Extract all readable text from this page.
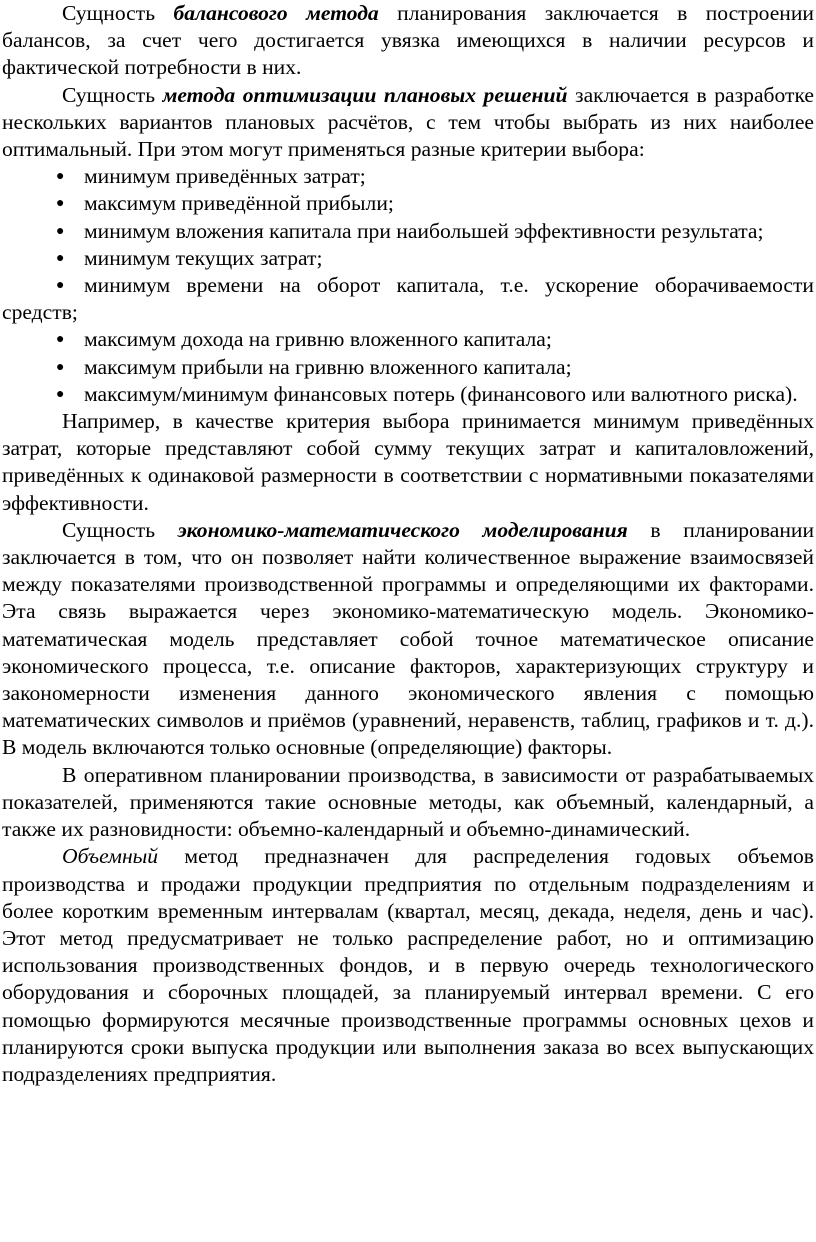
Сущность балансового метода планирования заключается в построении балансов, за счет чего достигается увязка имеющихся в наличии ресурсов и фактической потребности в них.

Сущность метода оптимизации плановых решений заключается в разработке нескольких вариантов плановых расчётов, с тем чтобы выбрать из них наиболее оптимальный. При этом могут применяться разные критерии выбора:

● минимум приведённых затрат;
● максимум приведённой прибыли;
● минимум вложения капитала при наибольшей эффективности результата;
● минимум текущих затрат;
● минимум времени на оборот капитала, т.е. ускорение оборачиваемости средств;
● максимум дохода на гривню вложенного капитала;
● максимум прибыли на гривню вложенного капитала;
● максимум/минимум финансовых потерь (финансового или валютного риска).

Например, в качестве критерия выбора принимается минимум приведённых затрат, которые представляют собой сумму текущих затрат и капиталовложений, приведённых к одинаковой размерности в соответствии с нормативными показателями эффективности.

Сущность экономико-математического моделирования в планировании заключается в том, что он позволяет найти количественное выражение взаимосвязей между показателями производственной программы и определяющими их факторами. Эта связь выражается через экономико-математическую модель. Экономико-математическая модель представляет собой точное математическое описание экономического процесса, т.е. описание факторов, характеризующих структуру и закономерности изменения данного экономического явления с помощью математических символов и приёмов (уравнений, неравенств, таблиц, графиков и т. д.). В модель включаются только основные (определяющие) факторы.

В оперативном планировании производства, в зависимости от разрабатываемых показателей, применяются такие основные методы, как объемный, календарный, а также их разновидности: объемно-календарный и объемно-динамический.

Объемный метод предназначен для распределения годовых объемов производства и продажи продукции предприятия по отдельным подразделениям и более коротким временным интервалам (квартал, месяц, декада, неделя, день и час). Этот метод предусматривает не только распределение работ, но и оптимизацию использования производственных фондов, и в первую очередь технологического оборудования и сборочных площадей, за планируемый интервал времени. С его помощью формируются месячные производственные программы основных цехов и планируются сроки выпуска продукции или выполнения заказа во всех выпускающих подразделениях предприятия.
